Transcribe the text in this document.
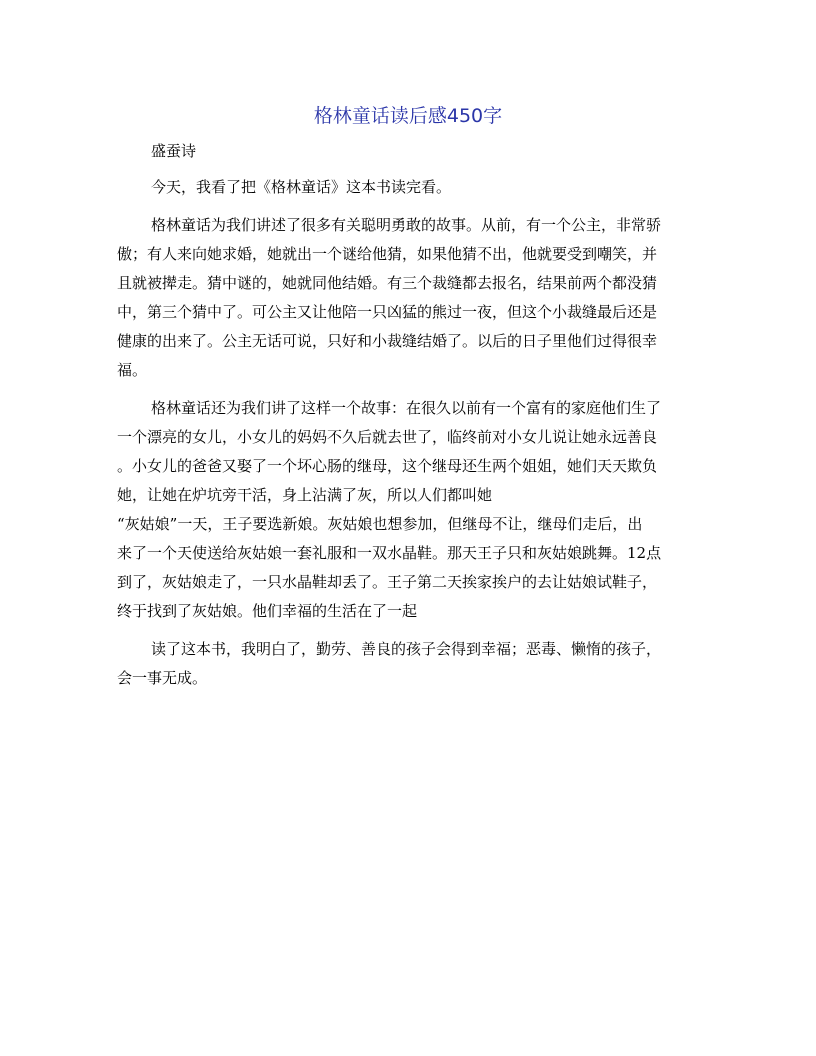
格林童话读后感450字
盛蚕诗
今天，我看了把《格林童话》这本书读完看。
格林童话为我们讲述了很多有关聪明勇敢的故事。从前，有一个公主，非常骄
傲；有人来向她求婚，她就出一个谜给他猜，如果他猜不出，他就要受到嘲笑，并
且就被撵走。猜中谜的，她就同他结婚。有三个裁缝都去报名，结果前两个都没猜
中，第三个猜中了。可公主又让他陪一只凶猛的熊过一夜，但这个小裁缝最后还是
健康的出来了。公主无话可说，只好和小裁缝结婚了。以后的日子里他们过得很幸
福。
格林童话还为我们讲了这样一个故事：在很久以前有一个富有的家庭他们生了
一个漂亮的女儿，小女儿的妈妈不久后就去世了，临终前对小女儿说让她永远善良
。小女儿的爸爸又娶了一个坏心肠的继母，这个继母还生两个姐姐，她们天天欺负
她，让她在炉坑旁干活，身上沾满了灰，所以人们都叫她
“灰姑娘”一天，王子要选新娘。灰姑娘也想参加，但继母不让，继母们走后，出
来了一个天使送给灰姑娘一套礼服和一双水晶鞋。那天王子只和灰姑娘跳舞。12点
到了，灰姑娘走了，一只水晶鞋却丢了。王子第二天挨家挨户的去让姑娘试鞋子，
终于找到了灰姑娘。他们幸福的生活在了一起
读了这本书，我明白了，勤劳、善良的孩子会得到幸福；恶毒、懒惰的孩子，
会一事无成。
